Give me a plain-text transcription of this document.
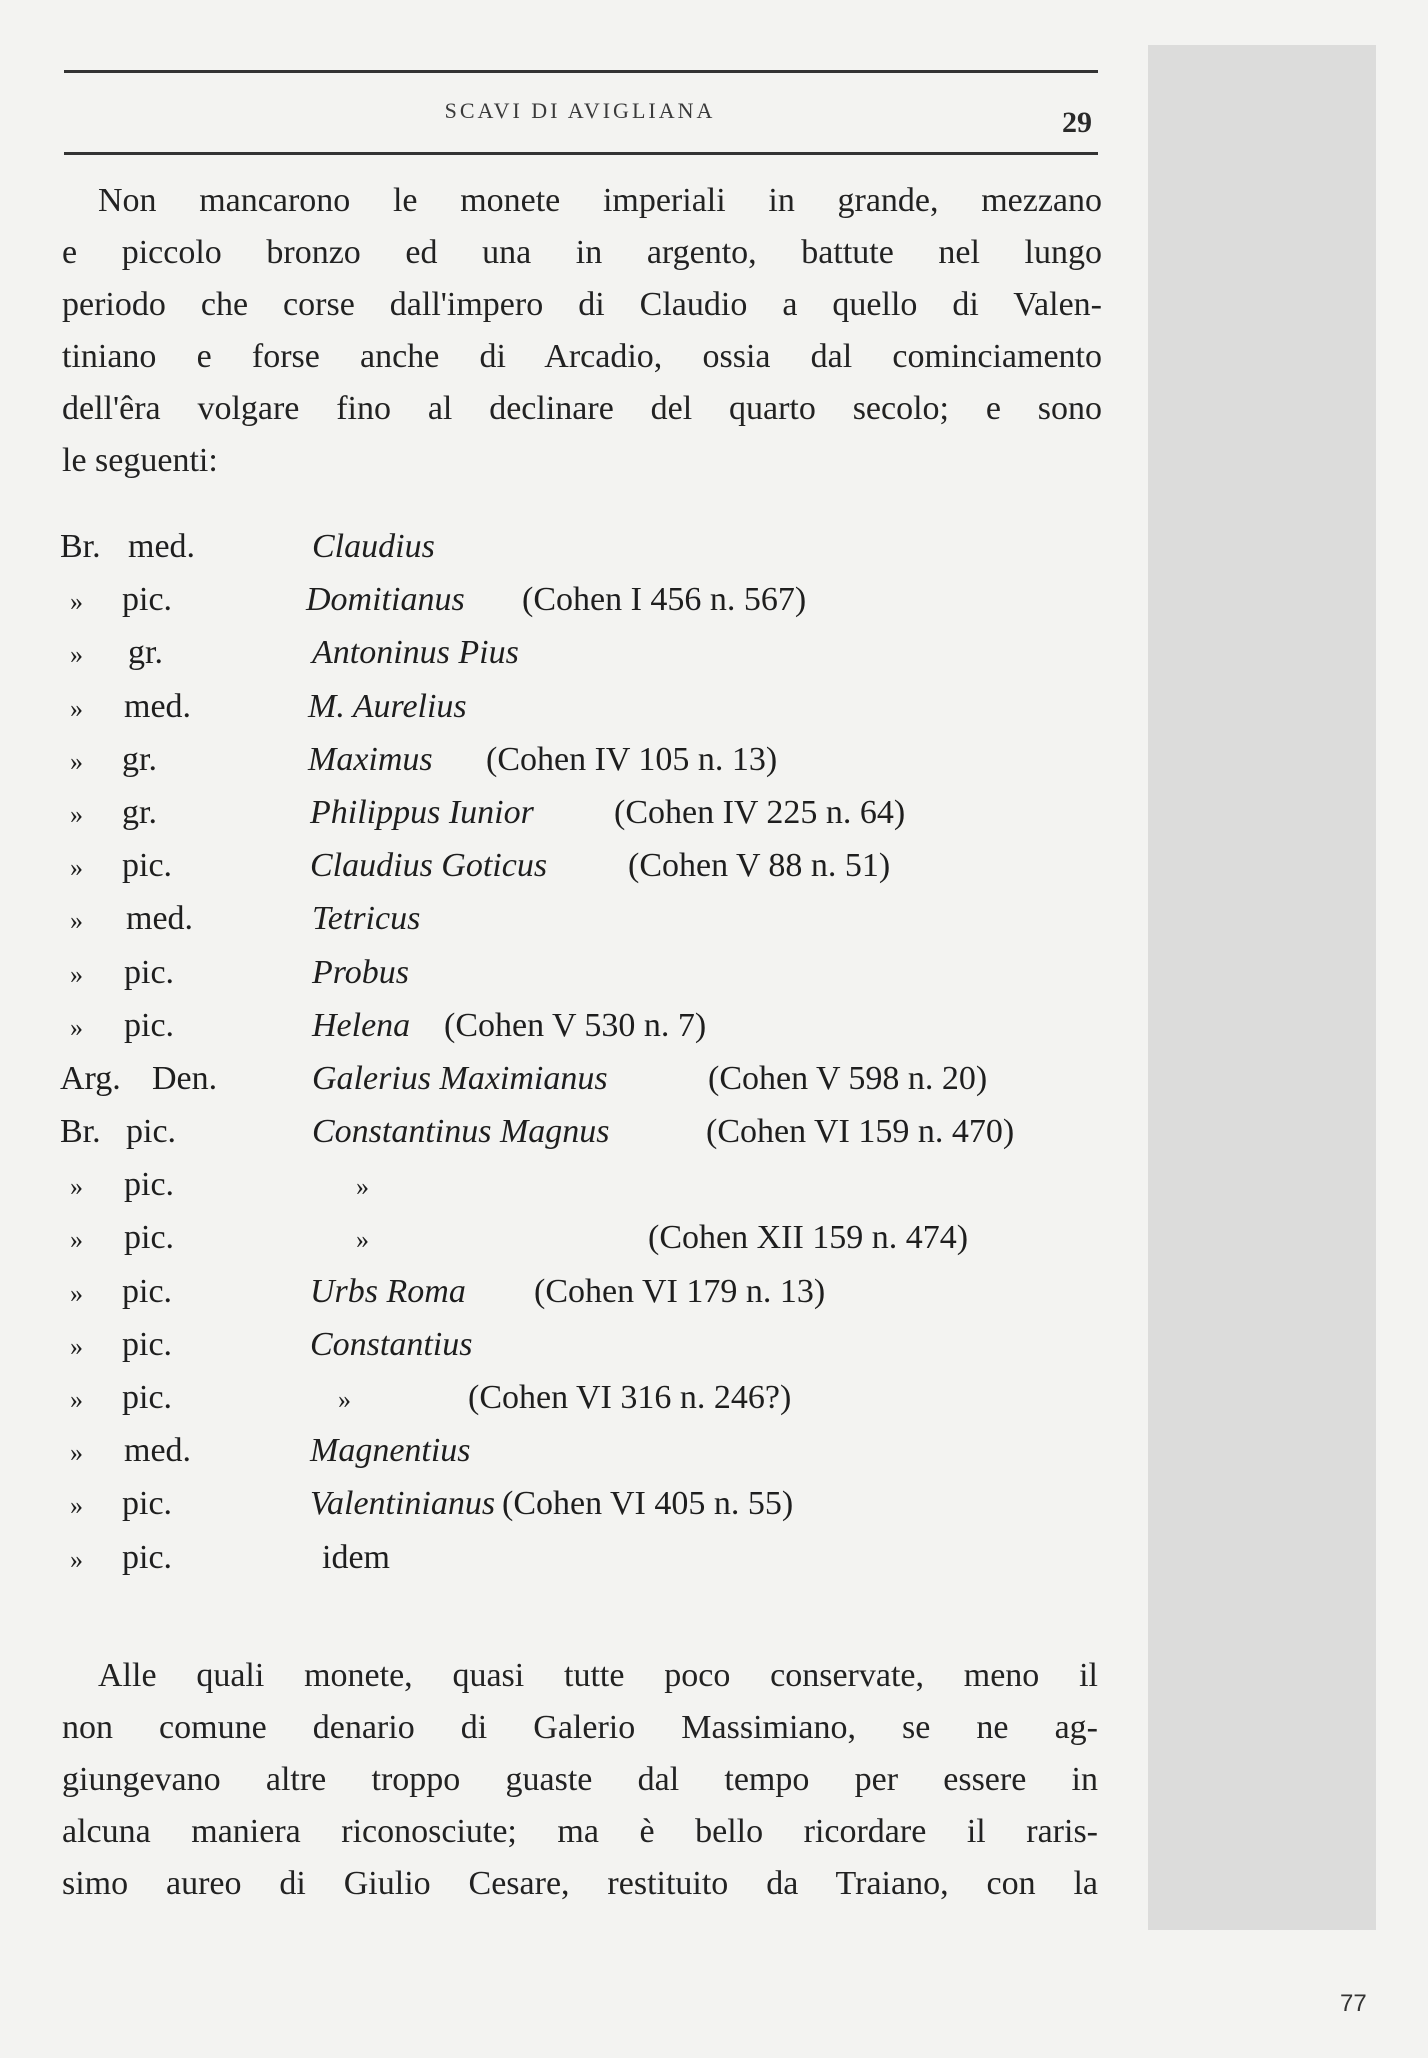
SCAVI DI AVIGLIANA	29

Non mancarono le monete imperiali in grande, mezzano
e piccolo bronzo ed una in argento, battute nel lungo
periodo che corse dall'impero di Claudio a quello di Valen-
tiniano e forse anche di Arcadio, ossia dal cominciamento
dell'êra volgare fino al declinare del quarto secolo; e sono
le seguenti:

Br. med.	Claudius
»	pic.	Domitianus (Cohen I 456 n. 567)
»	gr.	Antoninus Pius
»	med.	M. Aurelius
»	gr.	Maximus (Cohen IV 105 n. 13)
»	gr.	Philippus Iunior (Cohen IV 225 n. 64)
»	pic.	Claudius Goticus (Cohen V 88 n. 51)
»	med.	Tetricus
»	pic.	Probus
»	pic.	Helena (Cohen V 530 n. 7)
Arg. Den.	Galerius Maximianus	(Cohen V 598 n. 20)
Br. pic.	Constantinus Magnus	(Cohen VI 159 n. 470)
»	pic.	»
»	pic.	»	(Cohen XII 159 n. 474)
»	pic.	Urbs Roma (Cohen VI 179 n. 13)
»	pic.	Constantius
»	pic.	»	(Cohen VI 316 n. 246?)
»	med.	Magnentius
»	pic.	Valentinianus (Cohen VI 405 n. 55)
»	pic.	idem

Alle quali monete, quasi tutte poco conservate, meno il
non comune denario di Galerio Massimiano, se ne ag-
giungevano altre troppo guaste dal tempo per essere in
alcuna maniera riconosciute; ma è bello ricordare il raris-
simo aureo di Giulio Cesare, restituito da Traiano, con la

77
